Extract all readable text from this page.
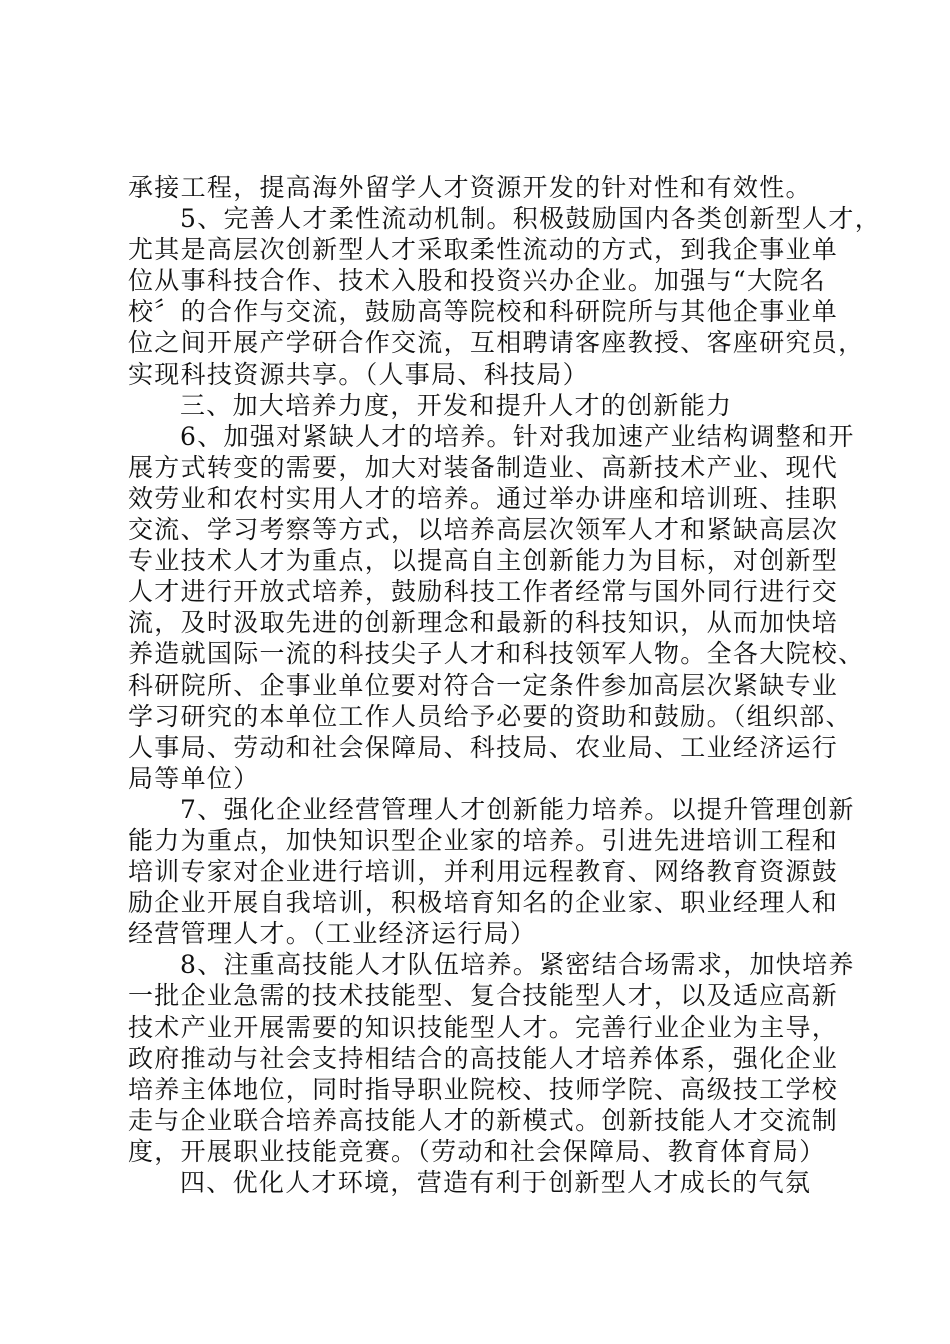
承接工程，提高海外留学人才资源开发的针对性和有效性。
5、完善人才柔性流动机制。积极鼓励国内各类创新型人才，
尤其是高层次创新型人才采取柔性流动的方式，到我企事业单
位从事科技合作、技术入股和投资兴办企业。加强与“大院名
校〞的合作与交流，鼓励高等院校和科研院所与其他企事业单
位之间开展产学研合作交流，互相聘请客座教授、客座研究员，
实现科技资源共享。（人事局、科技局）
三、加大培养力度，开发和提升人才的创新能力
6、加强对紧缺人才的培养。针对我加速产业结构调整和开
展方式转变的需要，加大对装备制造业、高新技术产业、现代
效劳业和农村实用人才的培养。通过举办讲座和培训班、挂职
交流、学习考察等方式，以培养高层次领军人才和紧缺高层次
专业技术人才为重点，以提高自主创新能力为目标，对创新型
人才进行开放式培养，鼓励科技工作者经常与国外同行进行交
流，及时汲取先进的创新理念和最新的科技知识，从而加快培
养造就国际一流的科技尖子人才和科技领军人物。全各大院校、
科研院所、企事业单位要对符合一定条件参加高层次紧缺专业
学习研究的本单位工作人员给予必要的资助和鼓励。（组织部、
人事局、劳动和社会保障局、科技局、农业局、工业经济运行
局等单位）
7、强化企业经营管理人才创新能力培养。以提升管理创新
能力为重点，加快知识型企业家的培养。引进先进培训工程和
培训专家对企业进行培训，并利用远程教育、网络教育资源鼓
励企业开展自我培训，积极培育知名的企业家、职业经理人和
经营管理人才。（工业经济运行局）
8、注重高技能人才队伍培养。紧密结合场需求，加快培养
一批企业急需的技术技能型、复合技能型人才，以及适应高新
技术产业开展需要的知识技能型人才。完善行业企业为主导，
政府推动与社会支持相结合的高技能人才培养体系，强化企业
培养主体地位，同时指导职业院校、技师学院、高级技工学校
走与企业联合培养高技能人才的新模式。创新技能人才交流制
度，开展职业技能竞赛。（劳动和社会保障局、教育体育局）
四、优化人才环境，营造有利于创新型人才成长的气氛
